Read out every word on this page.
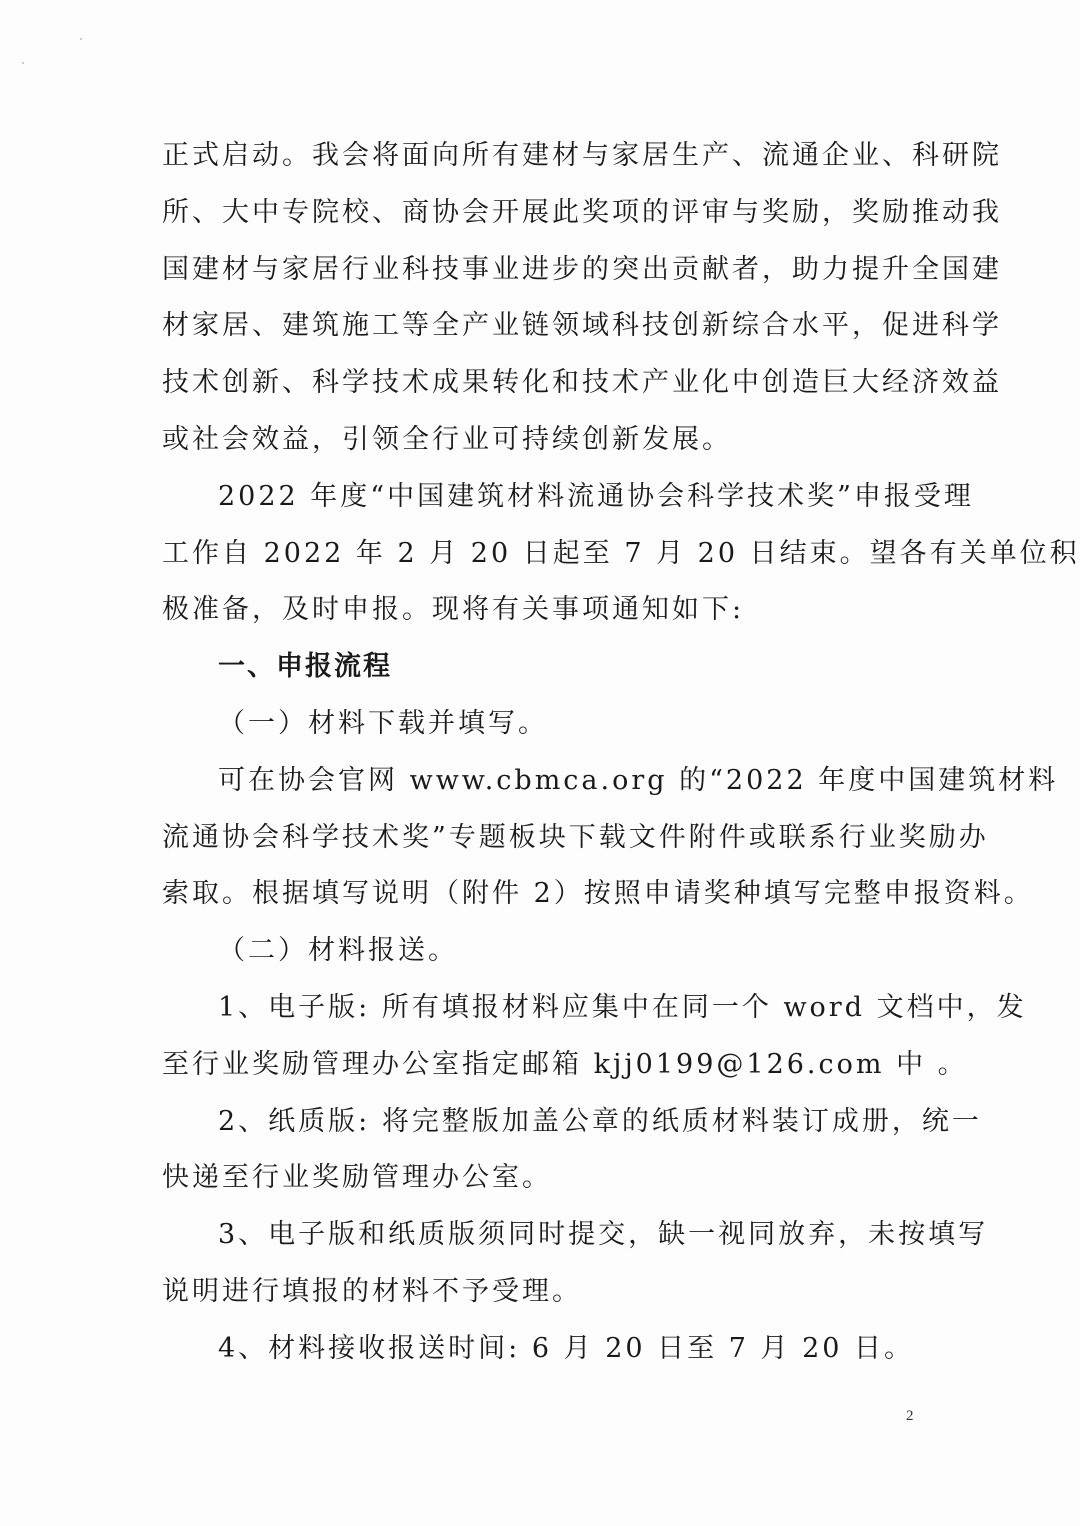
正式启动。我会将面向所有建材与家居生产、流通企业、科研院
所、大中专院校、商协会开展此奖项的评审与奖励，奖励推动我
国建材与家居行业科技事业进步的突出贡献者，助力提升全国建
材家居、建筑施工等全产业链领域科技创新综合水平，促进科学
技术创新、科学技术成果转化和技术产业化中创造巨大经济效益
或社会效益，引领全行业可持续创新发展。
2022 年度“中国建筑材料流通协会科学技术奖”申报受理
工作自 2022 年 2 月 20 日起至 7 月 20 日结束。望各有关单位积
极准备，及时申报。现将有关事项通知如下:
一、申报流程
（一）材料下载并填写。
可在协会官网 www.cbmca.org 的“2022 年度中国建筑材料
流通协会科学技术奖”专题板块下载文件附件或联系行业奖励办
索取。根据填写说明（附件 2）按照申请奖种填写完整申报资料。
（二）材料报送。
1、电子版: 所有填报材料应集中在同一个 word 文档中，发
至行业奖励管理办公室指定邮箱 kjj0199@126.com 中 。
2、纸质版: 将完整版加盖公章的纸质材料装订成册，统一
快递至行业奖励管理办公室。
3、电子版和纸质版须同时提交，缺一视同放弃，未按填写
说明进行填报的材料不予受理。
4、材料接收报送时间: 6 月 20 日至 7 月 20 日。
2
